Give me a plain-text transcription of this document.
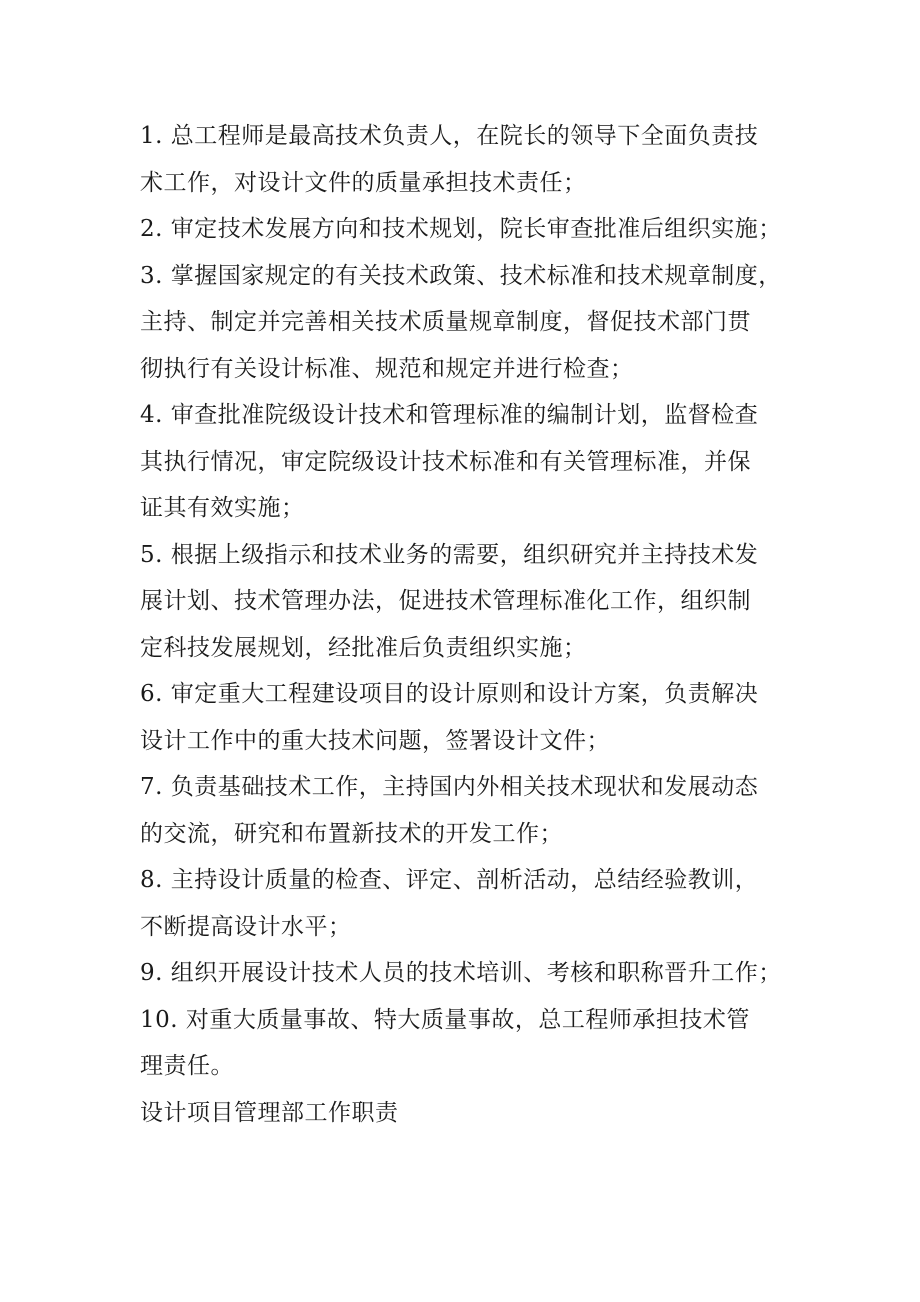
1. 总工程师是最高技术负责人，在院长的领导下全面负责技
术工作，对设计文件的质量承担技术责任；
2. 审定技术发展方向和技术规划，院长审查批准后组织实施；
3. 掌握国家规定的有关技术政策、技术标准和技术规章制度，
主持、制定并完善相关技术质量规章制度，督促技术部门贯
彻执行有关设计标准、规范和规定并进行检查；
4. 审查批准院级设计技术和管理标准的编制计划，监督检查
其执行情况，审定院级设计技术标准和有关管理标准，并保
证其有效实施；
5. 根据上级指示和技术业务的需要，组织研究并主持技术发
展计划、技术管理办法，促进技术管理标准化工作，组织制
定科技发展规划，经批准后负责组织实施；
6. 审定重大工程建设项目的设计原则和设计方案，负责解决
设计工作中的重大技术问题，签署设计文件；
7. 负责基础技术工作，主持国内外相关技术现状和发展动态
的交流，研究和布置新技术的开发工作；
8. 主持设计质量的检查、评定、剖析活动，总结经验教训，
不断提高设计水平；
9. 组织开展设计技术人员的技术培训、考核和职称晋升工作；
10. 对重大质量事故、特大质量事故，总工程师承担技术管
理责任。
设计项目管理部工作职责
